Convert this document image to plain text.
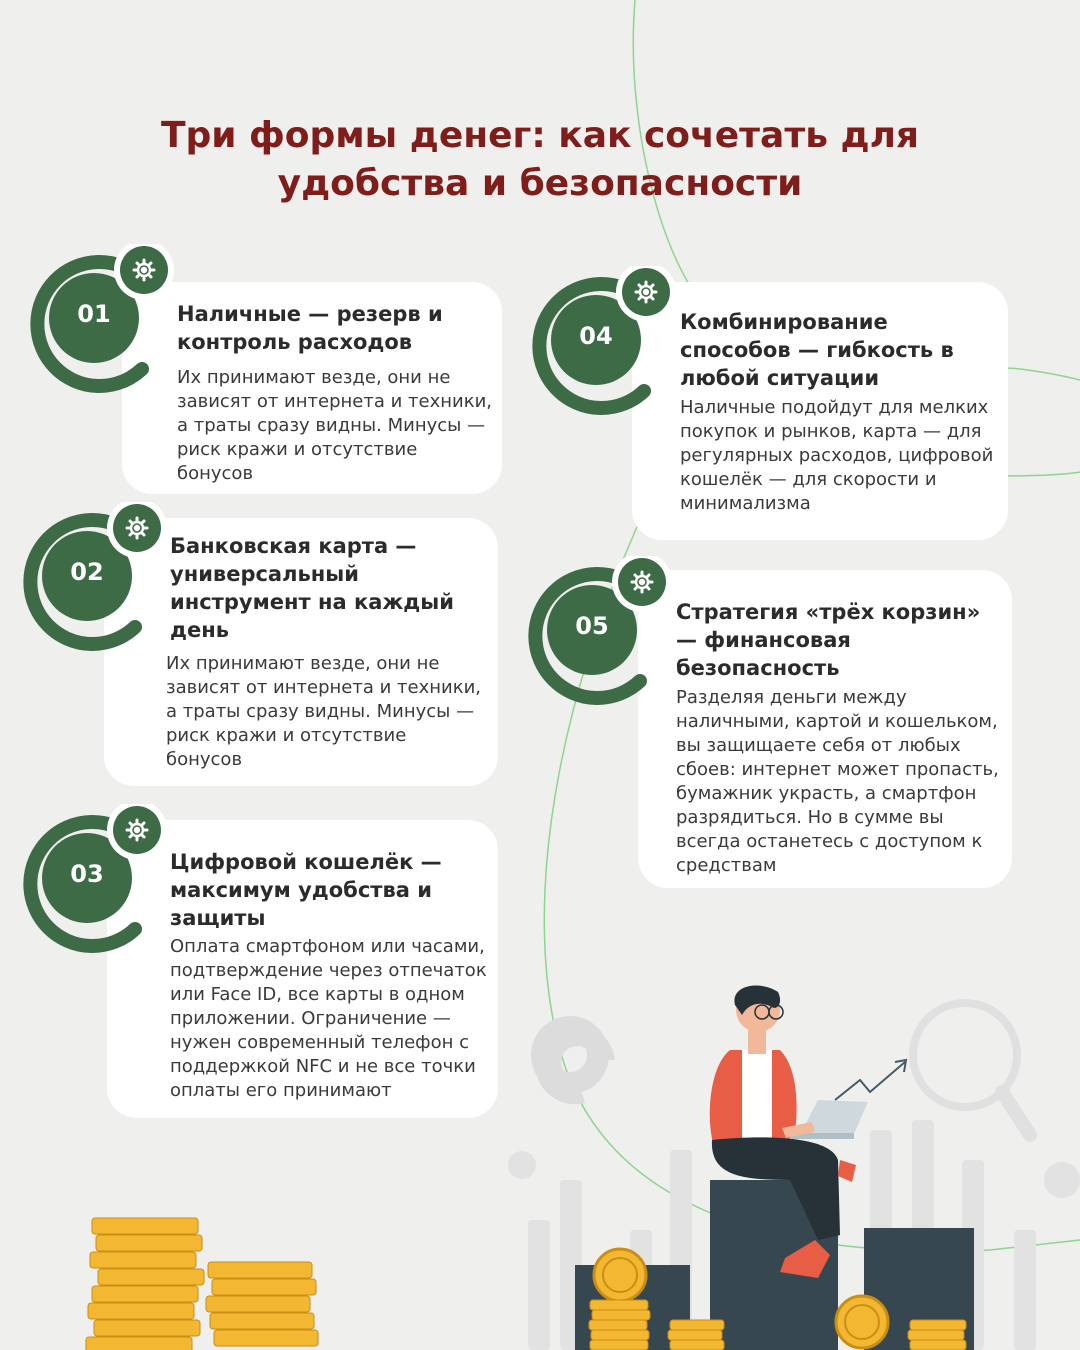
Три формы денег: как сочетать для
удобства и безопасности
01	Наличные — резерв и
контроль расходов
Их принимают везде, они не
зависят от интернета и техники,
а траты сразу видны. Минусы —
риск кражи и отсутствие
бонусов
02
Банковская карта —
универсальный
инструмент на каждый
день
Их принимают везде, они не
зависят от интернета и техники,
а траты сразу видны. Минусы —
риск кражи и отсутствие
бонусов
03	Цифровой кошелёк —
максимум удобства и
защиты
Оплата смартфоном или часами,
подтверждение через отпечаток
или Face ID, все карты в одном
приложении. Ограничение —
нужен современный телефон с
поддержкой NFC и не все точки
оплаты его принимают
04	Комбинирование
способов — гибкость в
любой ситуации
Наличные подойдут для мелких
покупок и рынков, карта — для
регулярных расходов, цифровой
кошелёк — для скорости и
минимализма
05	Стратегия «трёх корзин»
— финансовая
безопасность
Разделяя деньги между
наличными, картой и кошельком,
вы защищаете себя от любых
сбоев: интернет может пропасть,
бумажник украсть, а смартфон
разрядиться. Но в сумме вы
всегда останетесь с доступом к
средствам
